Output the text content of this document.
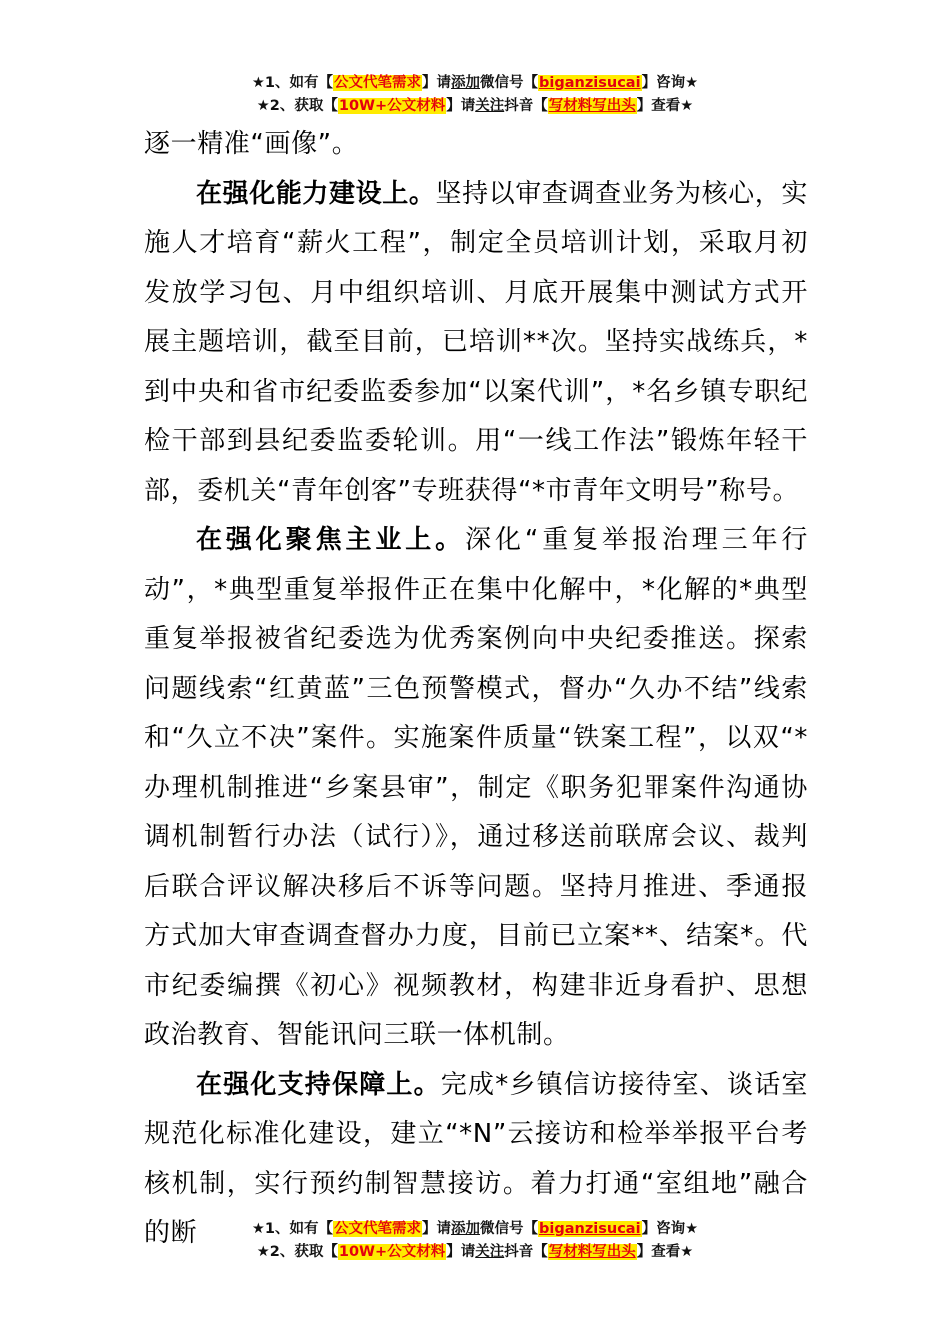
★1、如有【公文代笔需求】请添加微信号【biganzisucai】咨询★
★2、获取【10W+公文材料】请关注抖音【写材料写出头】查看★

逐一精准“画像”。

在强化能力建设上。坚持以审查调查业务为核心，实施人才培育“薪火工程”，制定全员培训计划，采取月初发放学习包、月中组织培训、月底开展集中测试方式开展主题培训，截至目前，已培训**次。坚持实战练兵，*到中央和省市纪委监委参加“以案代训”，*名乡镇专职纪检干部到县纪委监委轮训。用“一线工作法”锻炼年轻干部，委机关“青年创客”专班获得“*市青年文明号”称号。

在强化聚焦主业上。深化“重复举报治理三年行动”，*典型重复举报件正在集中化解中，*化解的*典型重复举报被省纪委选为优秀案例向中央纪委推送。探索问题线索“红黄蓝”三色预警模式，督办“久办不结”线索和“久立不决”案件。实施案件质量“铁案工程”，以双“*办理机制推进“乡案县审”，制定《职务犯罪案件沟通协调机制暂行办法（试行）》，通过移送前联席会议、裁判后联合评议解决移后不诉等问题。坚持月推进、季通报方式加大审查调查督办力度，目前已立案**、结案*。代市纪委编撰《初心》视频教材，构建非近身看护、思想政治教育、智能讯问三联一体机制。

在强化支持保障上。完成*乡镇信访接待室、谈话室规范化标准化建设，建立“*N”云接访和检举举报平台考核机制，实行预约制智慧接访。着力打通“室组地”融合的断	★1、如有【公文代笔需求】请添加微信号【biganzisucai】咨询★
★2、获取【10W+公文材料】请关注抖音【写材料写出头】查看★
